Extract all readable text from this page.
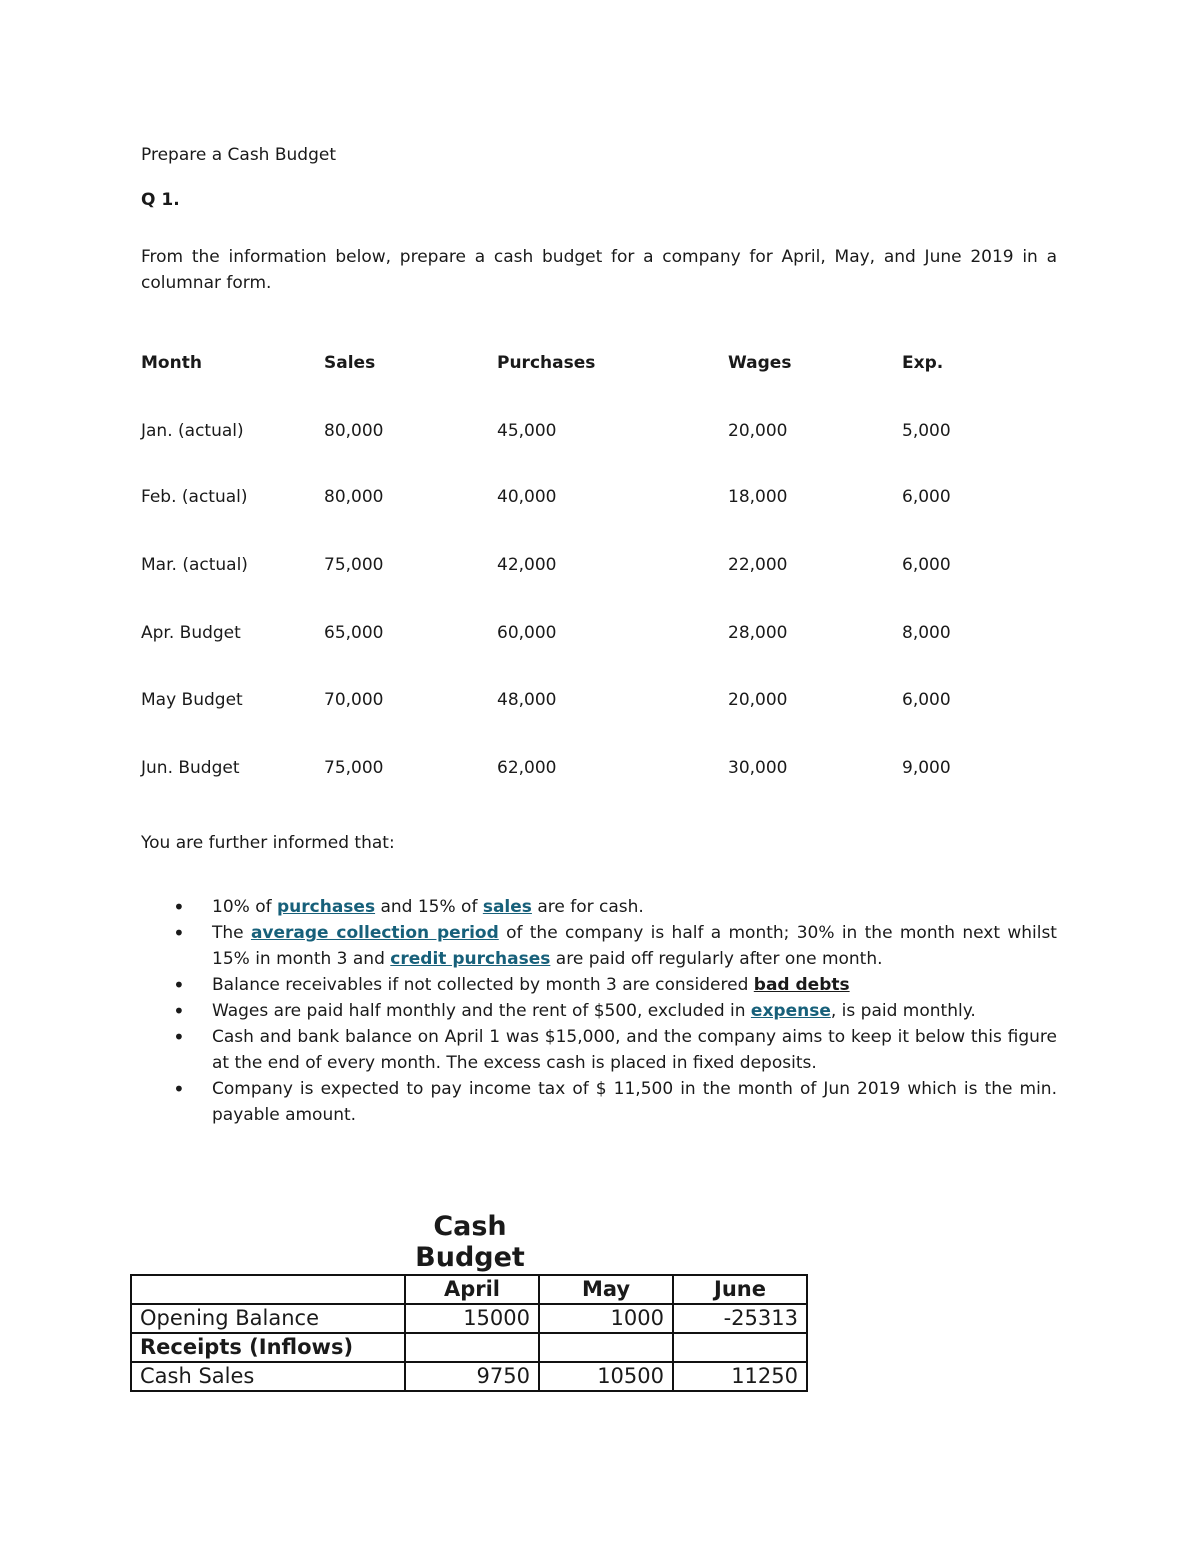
Prepare a Cash Budget
Q 1.
From the information below, prepare a cash budget for a company for April, May, and June 2019 in a columnar form.
Month	Sales	Purchases	Wages	Exp.
Jan. (actual)	80,000	45,000	20,000	5,000
Feb. (actual)	80,000	40,000	18,000	6,000
Mar. (actual)	75,000	42,000	22,000	6,000
Apr. Budget	65,000	60,000	28,000	8,000
May Budget	70,000	48,000	20,000	6,000
Jun. Budget	75,000	62,000	30,000	9,000
You are further informed that:
• 10% of purchases and 15% of sales are for cash.
• The average collection period of the company is half a month; 30% in the month next whilst 15% in month 3 and credit purchases are paid off regularly after one month.
• Balance receivables if not collected by month 3 are considered bad debts
• Wages are paid half monthly and the rent of $500, excluded in expense, is paid monthly.
• Cash and bank balance on April 1 was $15,000, and the company aims to keep it below this figure at the end of every month. The excess cash is placed in fixed deposits.
• Company is expected to pay income tax of $ 11,500 in the month of Jun 2019 which is the min. payable amount.
Cash
Budget
	April	May	June
Opening Balance	15000	1000	-25313
Receipts (Inflows)			
Cash Sales	9750	10500	11250
